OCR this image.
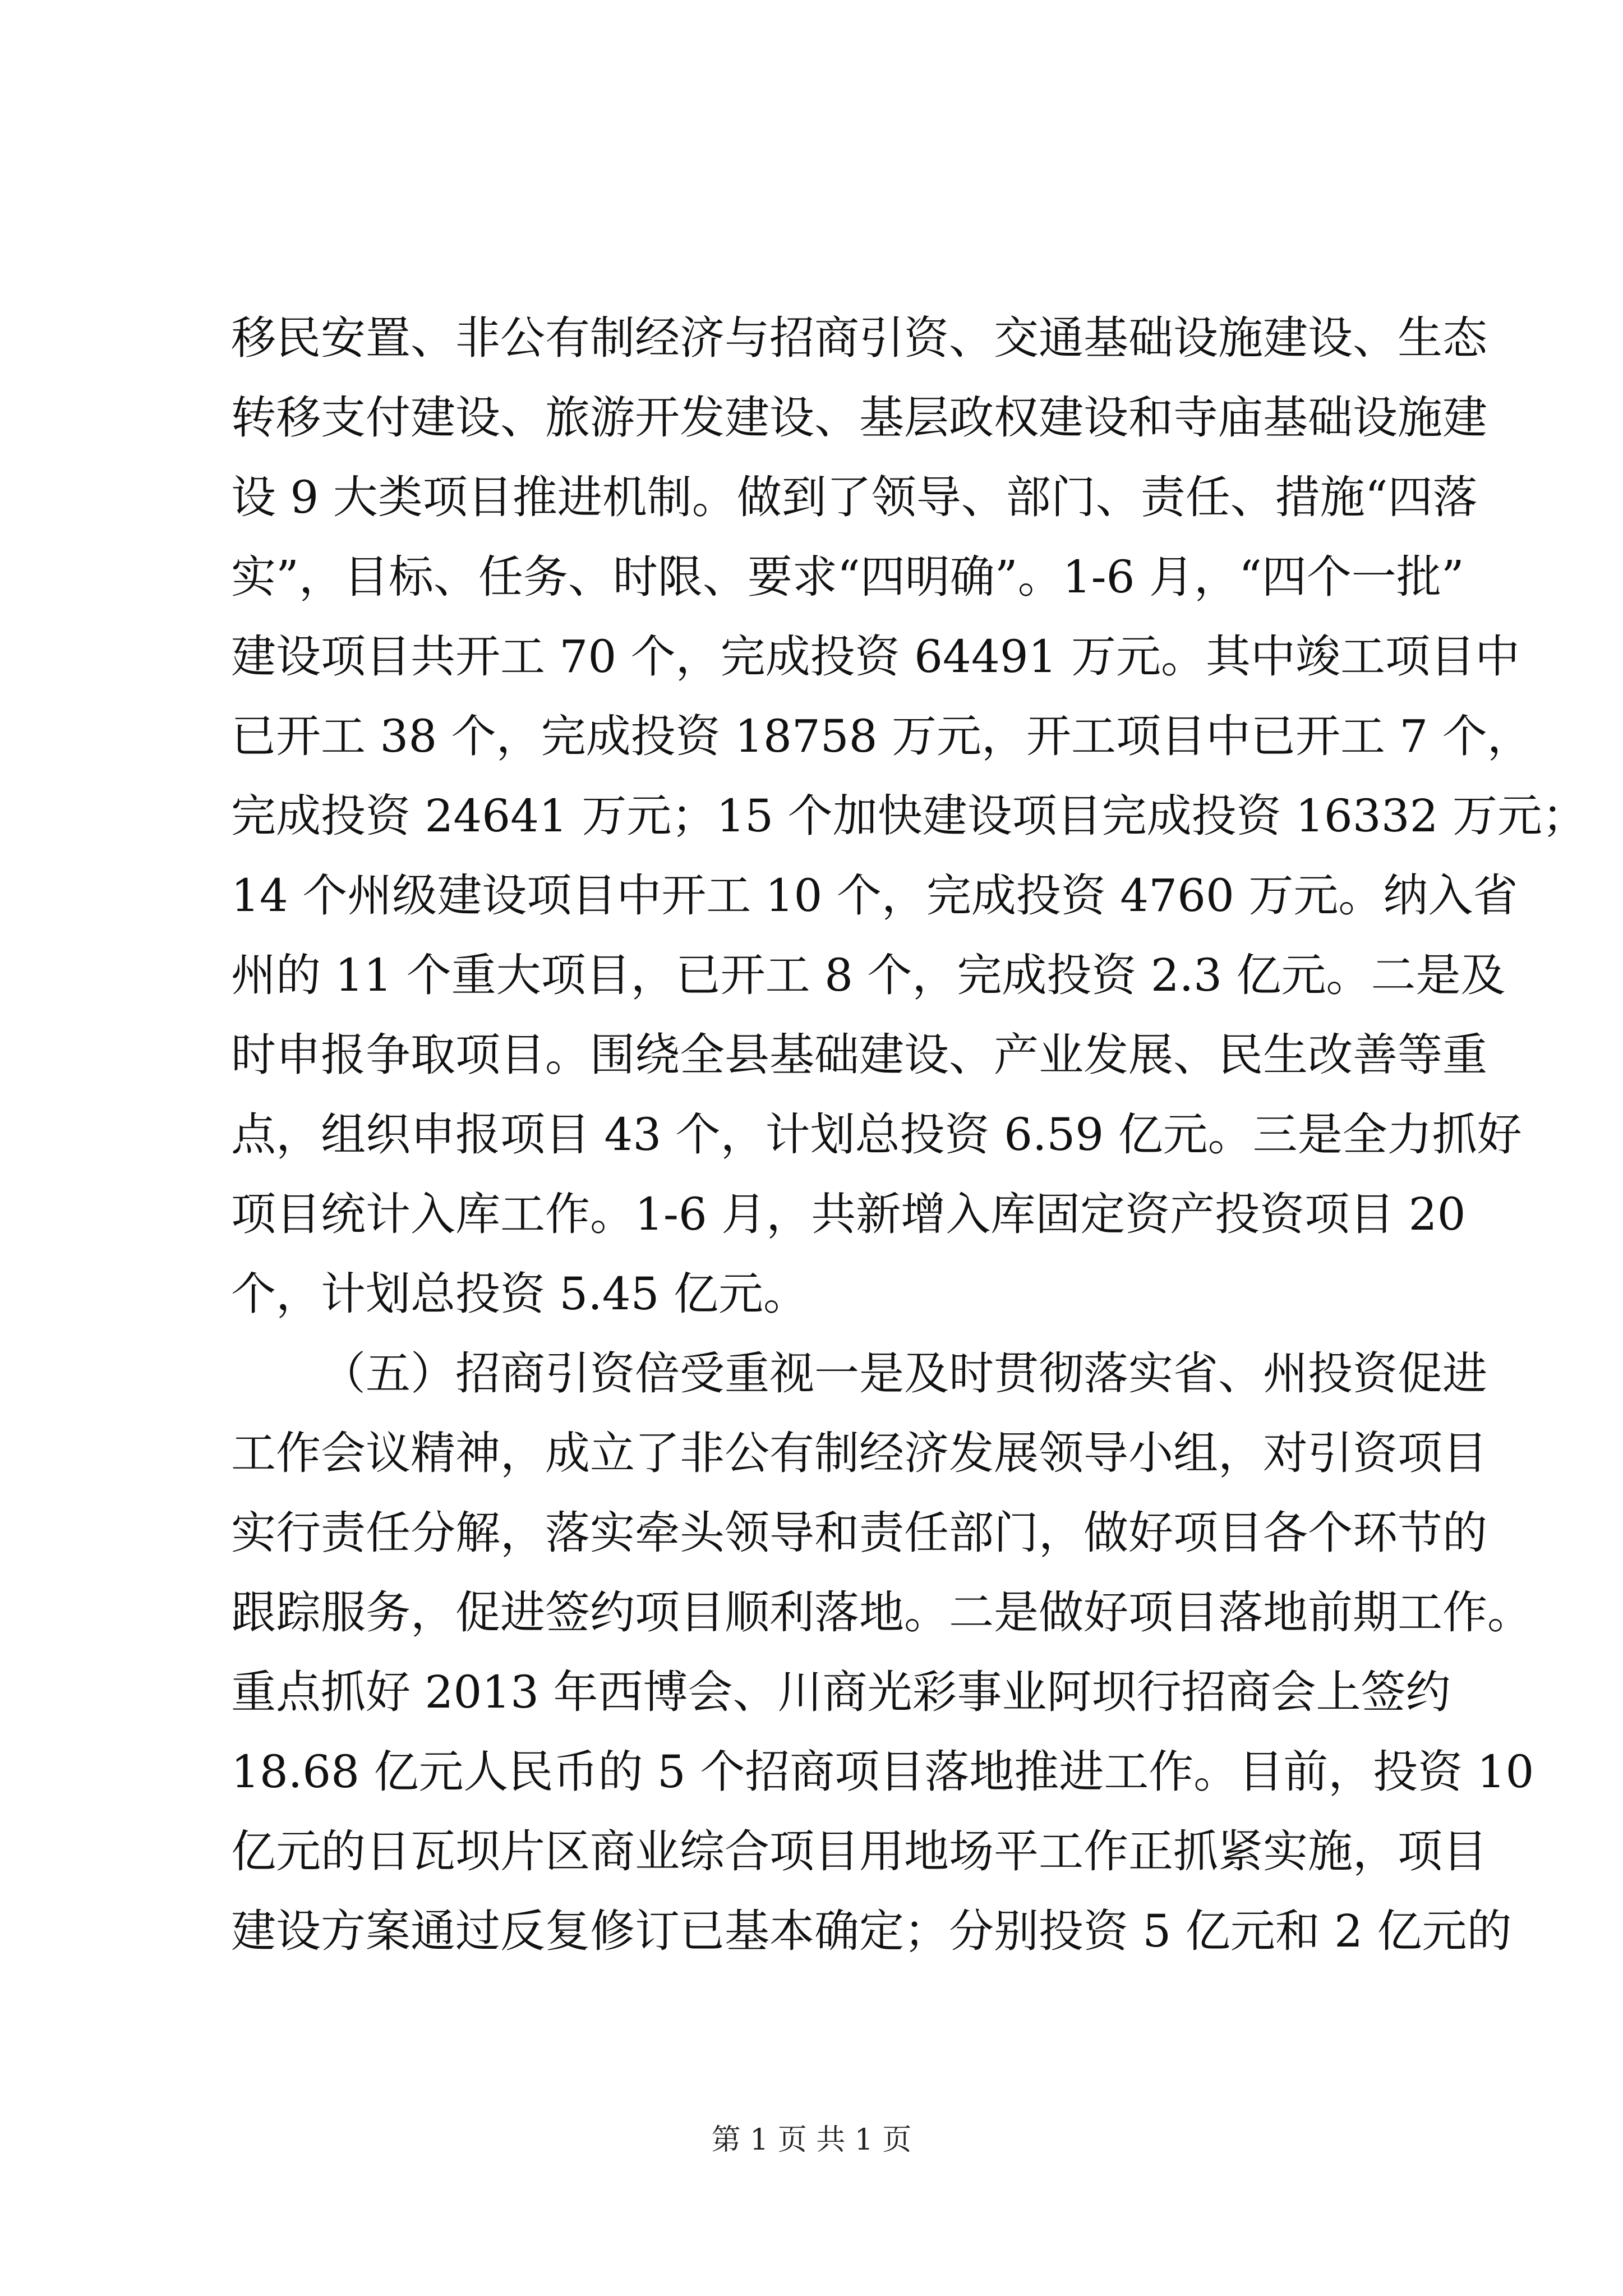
移民安置、非公有制经济与招商引资、交通基础设施建设、生态
转移支付建设、旅游开发建设、基层政权建设和寺庙基础设施建
设 9 大类项目推进机制。做到了领导、部门、责任、措施“四落
实”，目标、任务、时限、要求“四明确”。1-6 月，“四个一批”
建设项目共开工 70 个，完成投资 64491 万元。其中竣工项目中
已开工 38 个，完成投资 18758 万元，开工项目中已开工 7 个，
完成投资 24641 万元；15 个加快建设项目完成投资 16332 万元；
14 个州级建设项目中开工 10 个，完成投资 4760 万元。纳入省
州的 11 个重大项目，已开工 8 个，完成投资 2.3 亿元。二是及
时申报争取项目。围绕全县基础建设、产业发展、民生改善等重
点，组织申报项目 43 个，计划总投资 6.59 亿元。三是全力抓好
项目统计入库工作。1-6 月，共新增入库固定资产投资项目 20
个，计划总投资 5.45 亿元。
（五）招商引资倍受重视一是及时贯彻落实省、州投资促进
工作会议精神，成立了非公有制经济发展领导小组，对引资项目
实行责任分解，落实牵头领导和责任部门，做好项目各个环节的
跟踪服务，促进签约项目顺利落地。二是做好项目落地前期工作。
重点抓好 2013 年西博会、川商光彩事业阿坝行招商会上签约
18.68 亿元人民币的 5 个招商项目落地推进工作。目前，投资 10
亿元的日瓦坝片区商业综合项目用地场平工作正抓紧实施，项目
建设方案通过反复修订已基本确定；分别投资 5 亿元和 2 亿元的
第 1 页 共 1 页
